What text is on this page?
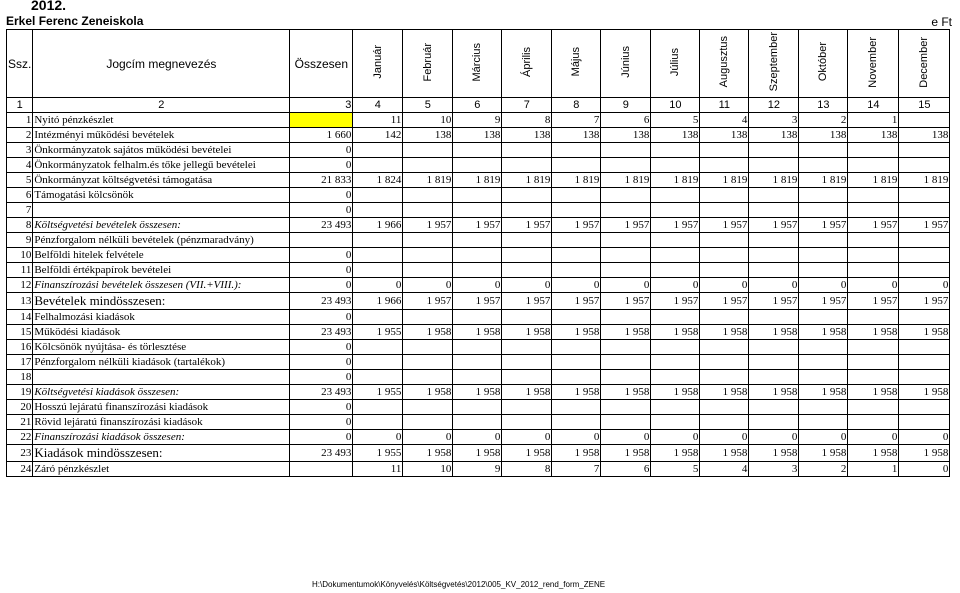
2012.
Erkel Ferenc Zeneiskola	e Ft
Ssz.	Jogcím megnevezés	Összesen	Január	Február	Március	Április	Május	Június	Július	Augusztus	Szeptember	Október	November	December
1	2	3	4	5	6	7	8	9	10	11	12	13	14	15
1	Nyitó pénzkészlet		11	10	9	8	7	6	5	4	3	2	1	
2	Intézményi működési bevételek	1 660	142	138	138	138	138	138	138	138	138	138	138	138
3	Önkormányzatok sajátos működési bevételei	0												
4	Önkormányzatok felhalm.és tőke jellegű bevételei	0												
5	Önkormányzat költségvetési támogatása	21 833	1 824	1 819	1 819	1 819	1 819	1 819	1 819	1 819	1 819	1 819	1 819	1 819
6	Támogatási kölcsönök	0												
7		0												
8	Költségvetési bevételek összesen:	23 493	1 966	1 957	1 957	1 957	1 957	1 957	1 957	1 957	1 957	1 957	1 957	1 957
9	Pénzforgalom nélküli bevételek (pénzmaradvány)													
10	Belföldi hitelek felvétele	0												
11	Belföldi értékpapírok bevételei	0												
12	Finanszírozási bevételek összesen (VII.+VIII.):	0	0	0	0	0	0	0	0	0	0	0	0	0
13	Bevételek mindösszesen:	23 493	1 966	1 957	1 957	1 957	1 957	1 957	1 957	1 957	1 957	1 957	1 957	1 957
14	Felhalmozási kiadások	0												
15	Működési kiadások	23 493	1 955	1 958	1 958	1 958	1 958	1 958	1 958	1 958	1 958	1 958	1 958	1 958
16	Kölcsönök nyújtása- és törlesztése	0												
17	Pénzforgalom nélküli kiadások (tartalékok)	0												
18		0												
19	Költségvetési kiadások összesen:	23 493	1 955	1 958	1 958	1 958	1 958	1 958	1 958	1 958	1 958	1 958	1 958	1 958
20	Hosszú lejáratú finanszírozási kiadások	0												
21	Rövid lejáratú finanszírozási kiadások	0												
22	Finanszírozási kiadások összesen:	0	0	0	0	0	0	0	0	0	0	0	0	0
23	Kiadások mindösszesen:	23 493	1 955	1 958	1 958	1 958	1 958	1 958	1 958	1 958	1 958	1 958	1 958	1 958
24	Záró pénzkészlet		11	10	9	8	7	6	5	4	3	2	1	0
H:\Dokumentumok\Könyvelés\Költségvetés\2012\005_KV_2012_rend_form_ZENE
